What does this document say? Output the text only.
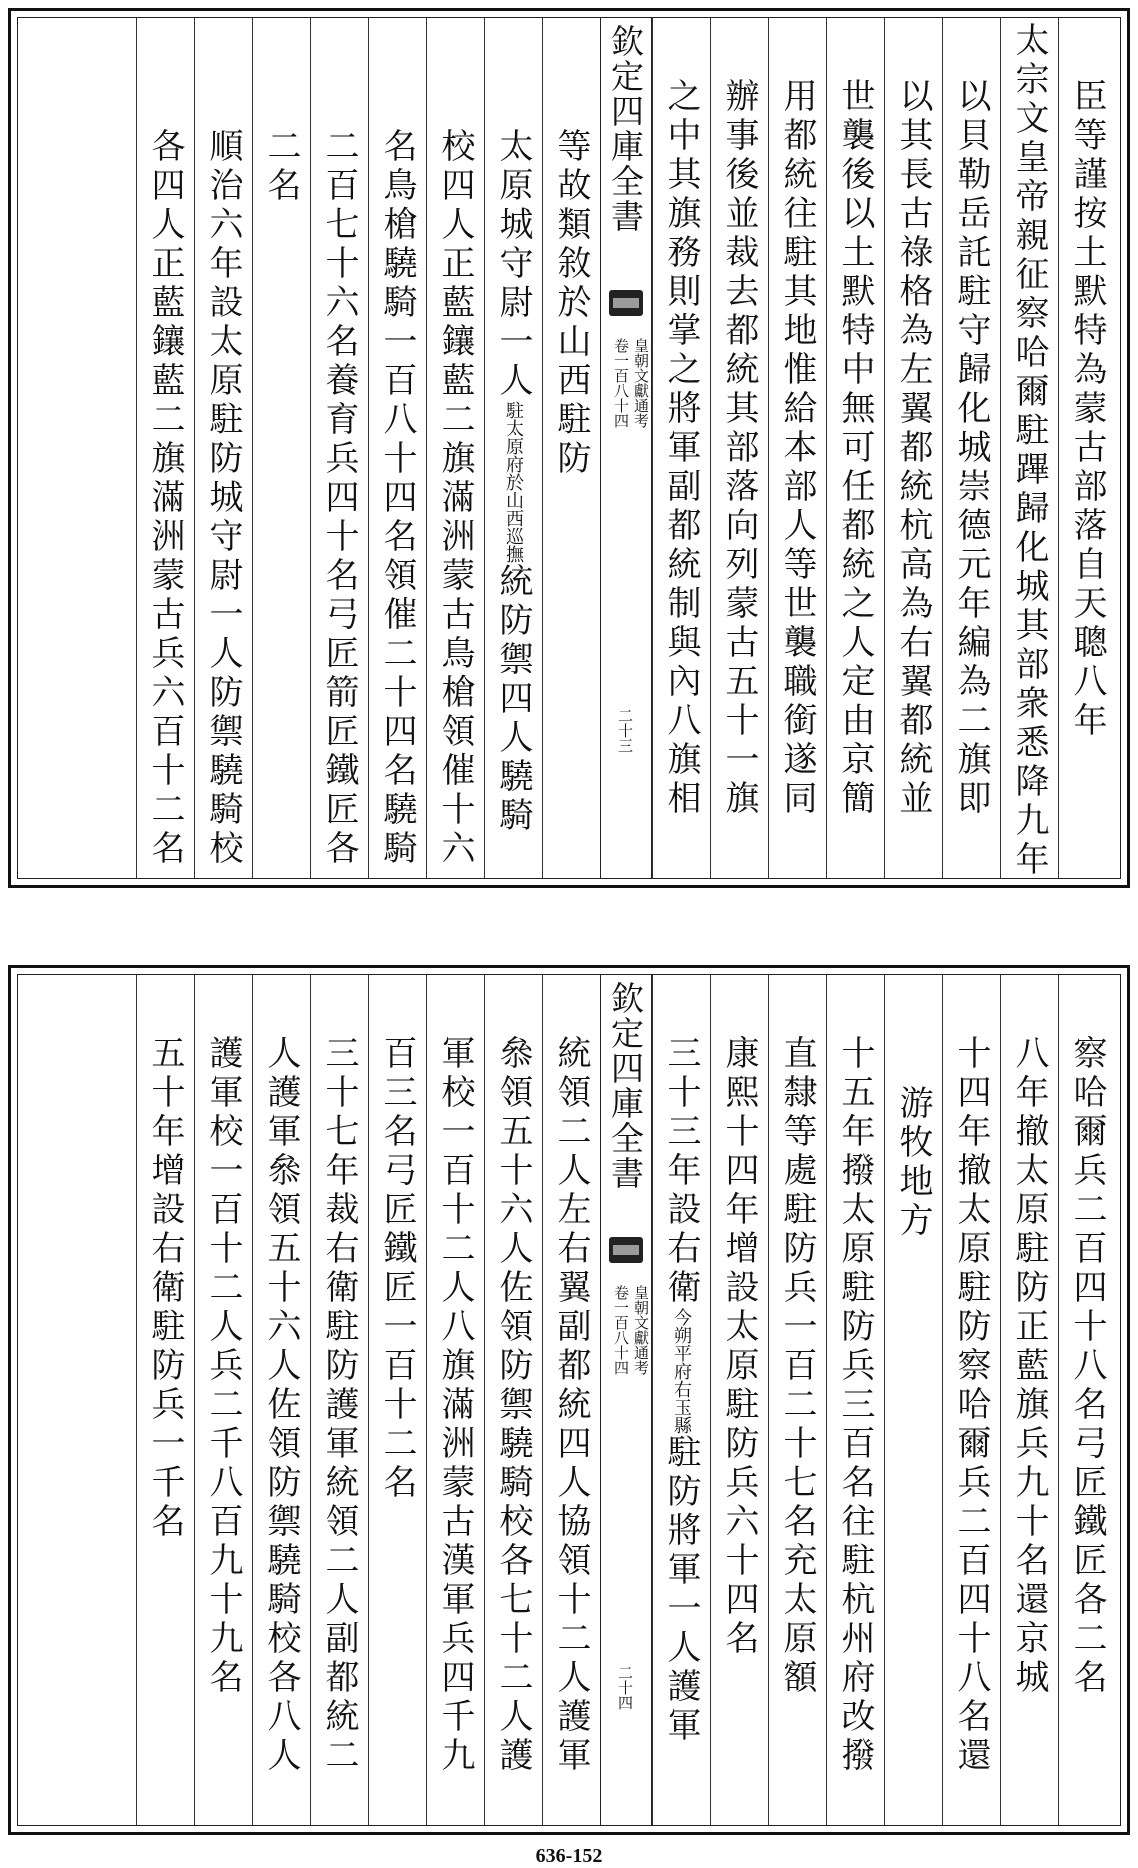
臣等謹按土默特為蒙古部落自天聰八年
太宗文皇帝親征察哈爾駐蹕歸化城其部衆悉降九年
以貝勒岳託駐守歸化城崇德元年編為二旗即
以其長古祿格為左翼都統杭高為右翼都統並
世襲後以土默特中無可任都統之人定由京簡
用都統往駐其地惟給本部人等世襲職銜遂同
辦事後並裁去都統其部落向列蒙古五十一旗
之中其旗務則掌之將軍副都統制與內八旗相
欽定四庫全書
皇朝文獻通考
卷一百八十四
二十三
等故類敘於山西駐防
太原城守尉一人駐太原府於山西巡撫統防禦四人驍騎
校四人正藍鑲藍二旗滿洲蒙古鳥槍領催十六
名鳥槍驍騎一百八十四名領催二十四名驍騎
二百七十六名養育兵四十名弓匠箭匠鐵匠各
二名
順治六年設太原駐防城守尉一人防禦驍騎校
各四人正藍鑲藍二旗滿洲蒙古兵六百十二名
察哈爾兵二百四十八名弓匠鐵匠各二名
八年撤太原駐防正藍旗兵九十名還京城
十四年撤太原駐防察哈爾兵二百四十八名還
游牧地方
十五年撥太原駐防兵三百名往駐杭州府改撥
直隸等處駐防兵一百二十七名充太原額
康熙十四年增設太原駐防兵六十四名
三十三年設右衛今朔平府右玉縣駐防將軍一人護軍
欽定四庫全書
皇朝文獻通考
卷一百八十四
二十四
統領二人左右翼副都統四人協領十二人護軍
叅領五十六人佐領防禦驍騎校各七十二人護
軍校一百十二人八旗滿洲蒙古漢軍兵四千九
百三名弓匠鐵匠一百十二名
三十七年裁右衛駐防護軍統領二人副都統二
人護軍叅領五十六人佐領防禦驍騎校各八人
護軍校一百十二人兵二千八百九十九名
五十年增設右衛駐防兵一千名
636-152
